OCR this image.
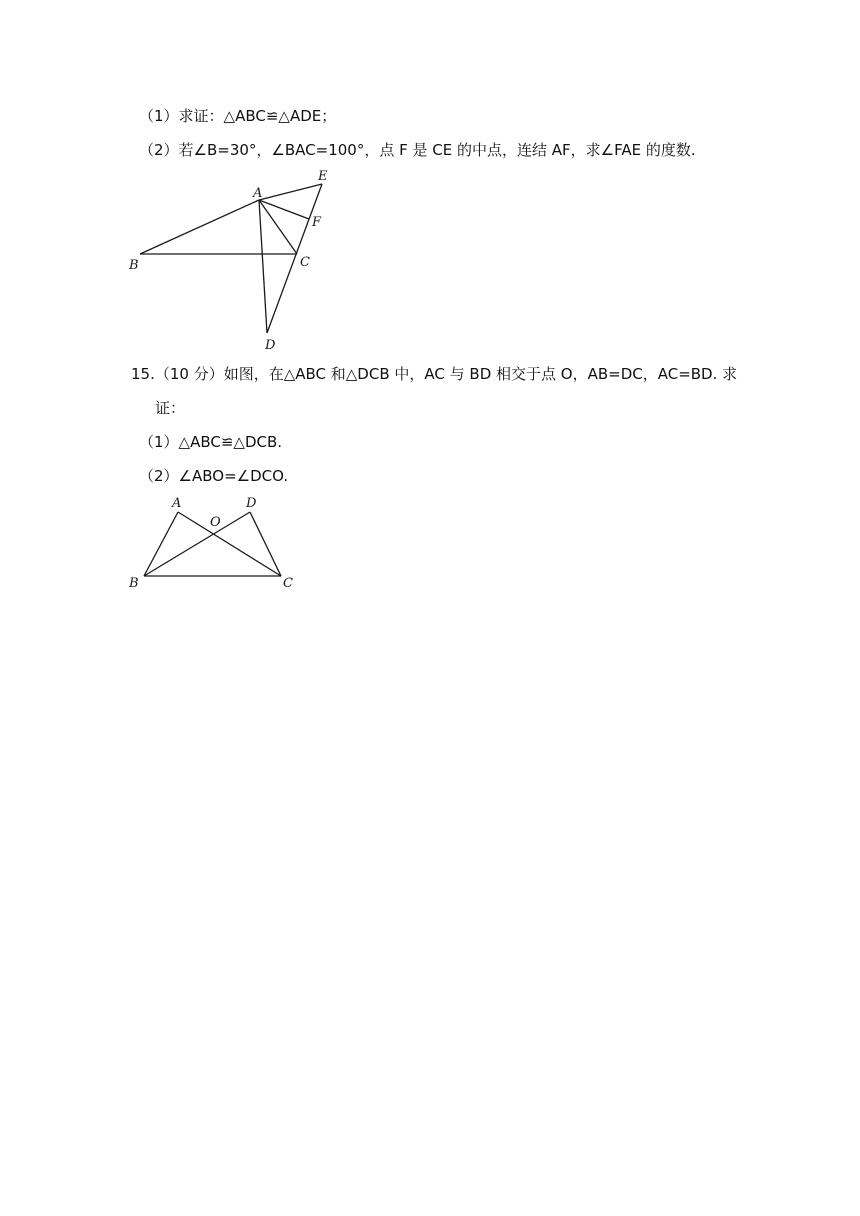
（1）求证：△ABC≌△ADE；
（2）若∠B=30°，∠BAC=100°，点 F 是 CE 的中点，连结 AF，求∠FAE 的度数.
A
B	C
D
E
F
15.（10 分）如图，在△ABC 和△DCB 中，AC 与 BD 相交于点 O，AB=DC，AC=BD. 求
证：
（1）△ABC≌△DCB.
（2）∠ABO=∠DCO.
A	D
O
B	C
